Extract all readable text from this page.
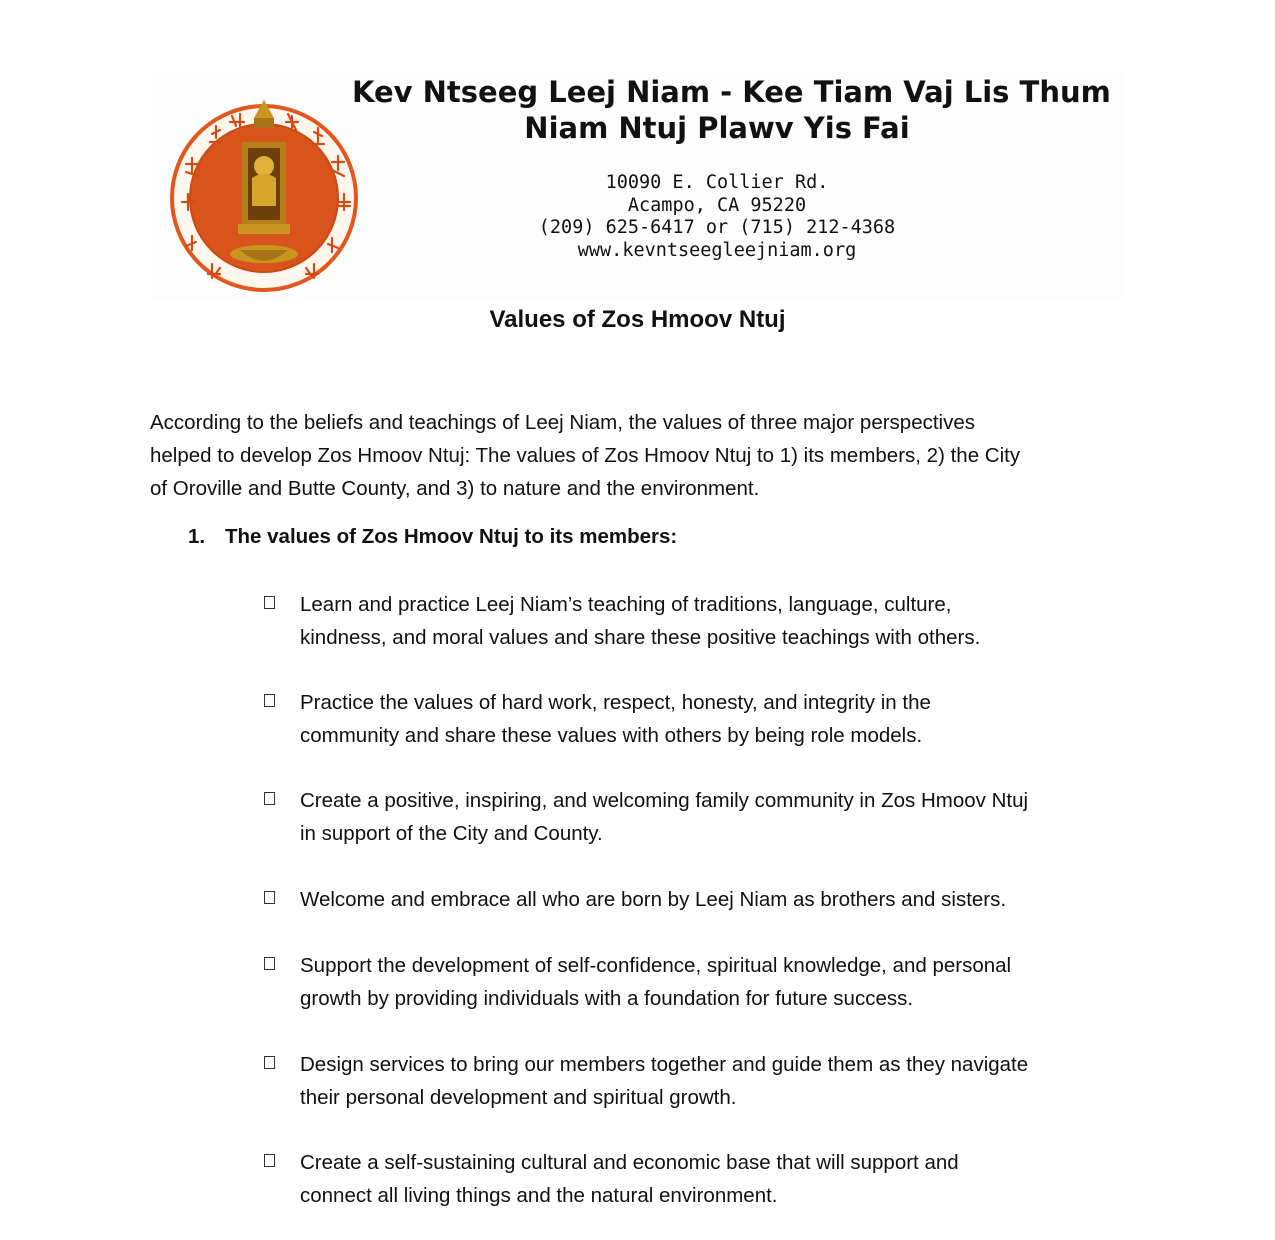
Kev Ntseeg Leej Niam - Kee Tiam Vaj Lis Thum
Niam Ntuj Plawv Yis Fai
10090 E. Collier Rd.
Acampo, CA 95220
(209) 625-6417 or (715) 212-4368
www.kevntseegleejniam.org
Values of Zos Hmoov Ntuj
According to the beliefs and teachings of Leej Niam, the values of three major perspectives
helped to develop Zos Hmoov Ntuj: The values of Zos Hmoov Ntuj to 1) its members, 2) the City
of Oroville and Butte County, and 3) to nature and the environment.
1. The values of Zos Hmoov Ntuj to its members:
Learn and practice Leej Niam’s teaching of traditions, language, culture,
kindness, and moral values and share these positive teachings with others.
Practice the values of hard work, respect, honesty, and integrity in the
community and share these values with others by being role models.
Create a positive, inspiring, and welcoming family community in Zos Hmoov Ntuj
in support of the City and County.
Welcome and embrace all who are born by Leej Niam as brothers and sisters.
Support the development of self-confidence, spiritual knowledge, and personal
growth by providing individuals with a foundation for future success.
Design services to bring our members together and guide them as they navigate
their personal development and spiritual growth.
Create a self-sustaining cultural and economic base that will support and
connect all living things and the natural environment.
